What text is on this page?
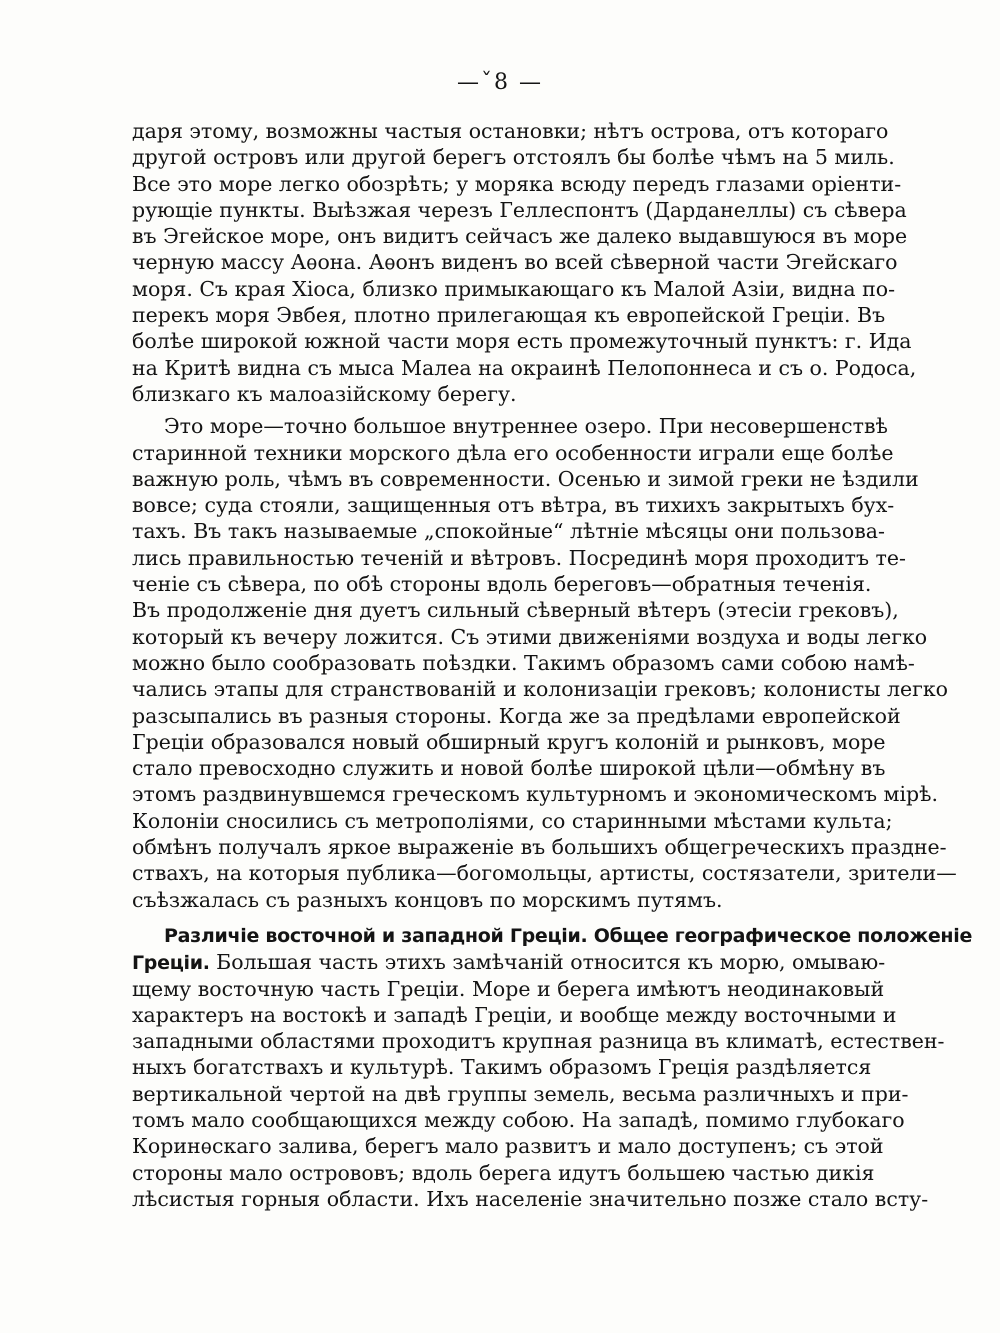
—ˇ8 —
даря этому, возможны частыя остановки; нѣтъ острова, отъ котораго
другой островъ или другой берегъ отстоялъ бы болѣе чѣмъ на 5 миль.
Все это море легко обозрѣть; у моряка всюду передъ глазами оріенти-
рующіе пункты. Выѣзжая черезъ Геллеспонтъ (Дарданеллы) съ сѣвера
въ Эгейское море, онъ видитъ сейчасъ же далеко выдавшуюся въ море
черную массу Аѳона. Аѳонъ виденъ во всей сѣверной части Эгейскаго
моря. Съ края Хіоса, близко примыкающаго къ Малой Азіи, видна по-
перекъ моря Эвбея, плотно прилегающая къ европейской Греціи. Въ
болѣе широкой южной части моря есть промежуточный пунктъ: г. Ида
на Критѣ видна съ мыса Малеа на окраинѣ Пелопоннеса и съ о. Родоса,
близкаго къ малоазійскому берегу.
Это море—точно большое внутреннее озеро. При несовершенствѣ
старинной техники морского дѣла его особенности играли еще болѣе
важную роль, чѣмъ въ современности. Осенью и зимой греки не ѣздили
вовсе; суда стояли, защищенныя отъ вѣтра, въ тихихъ закрытыхъ бух-
тахъ. Въ такъ называемые „спокойные“ лѣтніе мѣсяцы они пользова-
лись правильностью теченій и вѣтровъ. Посрединѣ моря проходитъ те-
ченіе съ сѣвера, по обѣ стороны вдоль береговъ—обратныя теченія.
Въ продолженіе дня дуетъ сильный сѣверный вѣтеръ (этесіи грековъ),
который къ вечеру ложится. Съ этими движеніями воздуха и воды легко
можно было сообразовать поѣздки. Такимъ образомъ сами собою намѣ-
чались этапы для странствованій и колонизаціи грековъ; колонисты легко
разсыпались въ разныя стороны. Когда же за предѣлами европейской
Греціи образовался новый обширный кругъ колоній и рынковъ, море
стало превосходно служить и новой болѣе широкой цѣли—обмѣну въ
этомъ раздвинувшемся греческомъ культурномъ и экономическомъ мірѣ.
Колоніи сносились съ метрополіями, со старинными мѣстами культа;
обмѣнъ получалъ яркое выраженіе въ большихъ общегреческихъ праздне-
ствахъ, на которыя публика—богомольцы, артисты, состязатели, зрители—
съѣзжалась съ разныхъ концовъ по морскимъ путямъ.
Различіе восточной и западной Греціи. Общее географическое положеніе
Греціи. Большая часть этихъ замѣчаній относится къ морю, омываю-
щему восточную часть Греціи. Море и берега имѣютъ неодинаковый
характеръ на востокѣ и западѣ Греціи, и вообще между восточными и
западными областями проходитъ крупная разница въ климатѣ, естествен-
ныхъ богатствахъ и культурѣ. Такимъ образомъ Греція раздѣляется
вертикальной чертой на двѣ группы земель, весьма различныхъ и при-
томъ мало сообщающихся между собою. На западѣ, помимо глубокаго
Коринѳскаго залива, берегъ мало развитъ и мало доступенъ; съ этой
стороны мало острововъ; вдоль берега идутъ большею частью дикія
лѣсистыя горныя области. Ихъ населеніе значительно позже стало всту-
